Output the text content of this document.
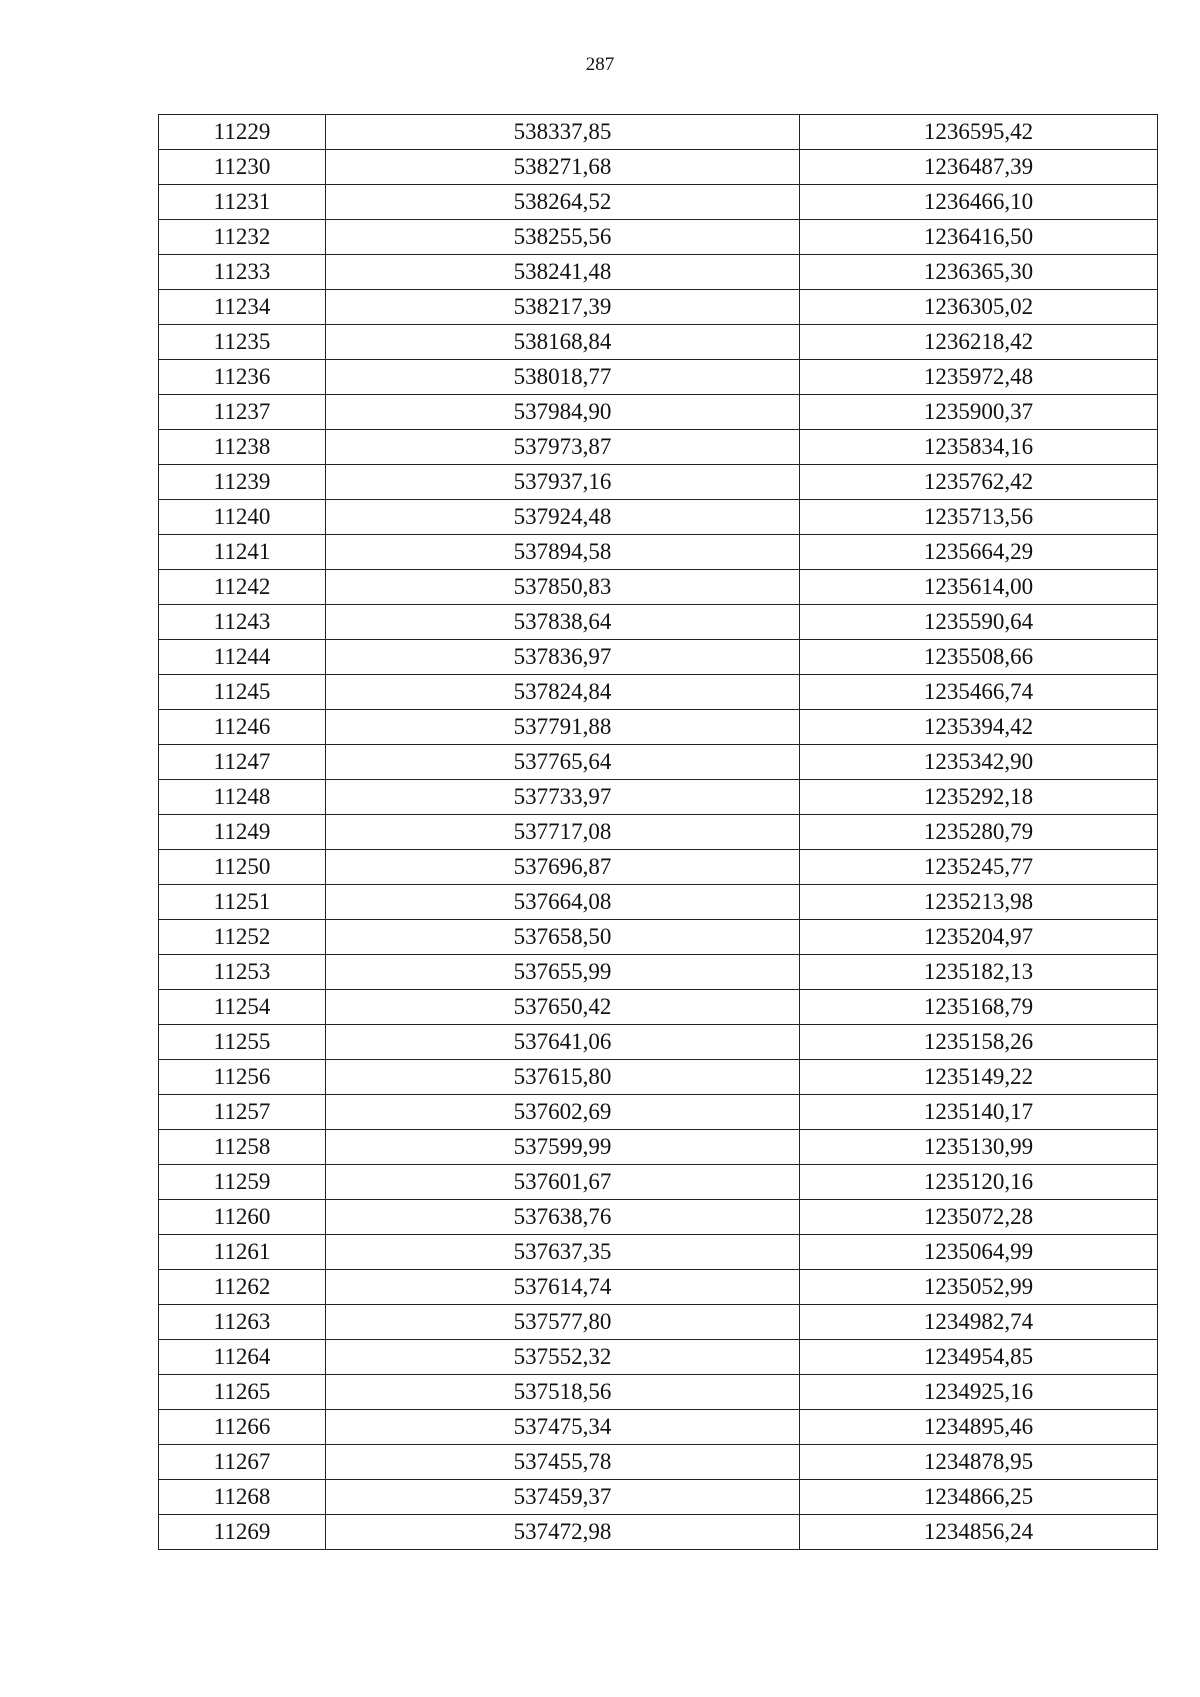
287
11229	538337,85	1236595,42
11230	538271,68	1236487,39
11231	538264,52	1236466,10
11232	538255,56	1236416,50
11233	538241,48	1236365,30
11234	538217,39	1236305,02
11235	538168,84	1236218,42
11236	538018,77	1235972,48
11237	537984,90	1235900,37
11238	537973,87	1235834,16
11239	537937,16	1235762,42
11240	537924,48	1235713,56
11241	537894,58	1235664,29
11242	537850,83	1235614,00
11243	537838,64	1235590,64
11244	537836,97	1235508,66
11245	537824,84	1235466,74
11246	537791,88	1235394,42
11247	537765,64	1235342,90
11248	537733,97	1235292,18
11249	537717,08	1235280,79
11250	537696,87	1235245,77
11251	537664,08	1235213,98
11252	537658,50	1235204,97
11253	537655,99	1235182,13
11254	537650,42	1235168,79
11255	537641,06	1235158,26
11256	537615,80	1235149,22
11257	537602,69	1235140,17
11258	537599,99	1235130,99
11259	537601,67	1235120,16
11260	537638,76	1235072,28
11261	537637,35	1235064,99
11262	537614,74	1235052,99
11263	537577,80	1234982,74
11264	537552,32	1234954,85
11265	537518,56	1234925,16
11266	537475,34	1234895,46
11267	537455,78	1234878,95
11268	537459,37	1234866,25
11269	537472,98	1234856,24
